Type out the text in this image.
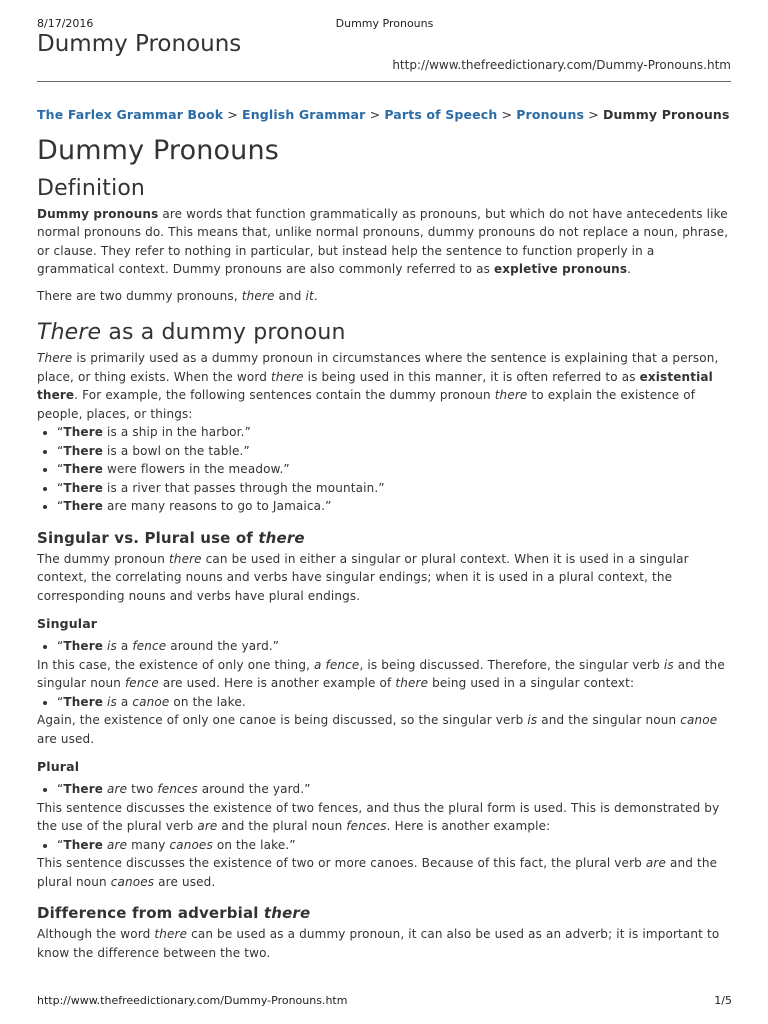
8/17/2016	Dummy Pronouns
Dummy Pronouns
http://www.thefreedictionary.com/Dummy-Pronouns.htm
The Farlex Grammar Book > English Grammar > Parts of Speech > Pronouns > Dummy Pronouns
Dummy Pronouns
Definition

Dummy pronouns are words that function grammatically as pronouns, but which do not have antecedents like normal pronouns do. This means that, unlike normal pronouns, dummy pronouns do not replace a noun, phrase, or clause. They refer to nothing in particular, but instead help the sentence to function properly in a grammatical context. Dummy pronouns are also commonly referred to as expletive pronouns.

There are two dummy pronouns, there and it.

There as a dummy pronoun

There is primarily used as a dummy pronoun in circumstances where the sentence is explaining that a person, place, or thing exists. When the word there is being used in this manner, it is often referred to as existential there. For example, the following sentences contain the dummy pronoun there to explain the existence of people, places, or things:

• “There is a ship in the harbor.”
• “There is a bowl on the table.”
• “There were flowers in the meadow.”
• “There is a river that passes through the mountain.”
• “There are many reasons to go to Jamaica.”
Singular vs. Plural use of there

The dummy pronoun there can be used in either a singular or plural context. When it is used in a singular context, the correlating nouns and verbs have singular endings; when it is used in a plural context, the corresponding nouns and verbs have plural endings.

Singular
• “There is a fence around the yard.”

In this case, the existence of only one thing, a fence, is being discussed. Therefore, the singular verb is and the singular noun fence are used. Here is another example of there being used in a singular context:

• “There is a canoe on the lake.

Again, the existence of only one canoe is being discussed, so the singular verb is and the singular noun canoe are used.

Plural
• “There are two fences around the yard.”

This sentence discusses the existence of two fences, and thus the plural form is used. This is demonstrated by the use of the plural verb are and the plural noun fences. Here is another example:

• “There are many canoes on the lake.”

This sentence discusses the existence of two or more canoes. Because of this fact, the plural verb are and the plural noun canoes are used.

Difference from adverbial there

Although the word there can be used as a dummy pronoun, it can also be used as an adverb; it is important to know the difference between the two.

http://www.thefreedictionary.com/Dummy-Pronouns.htm	1/5
